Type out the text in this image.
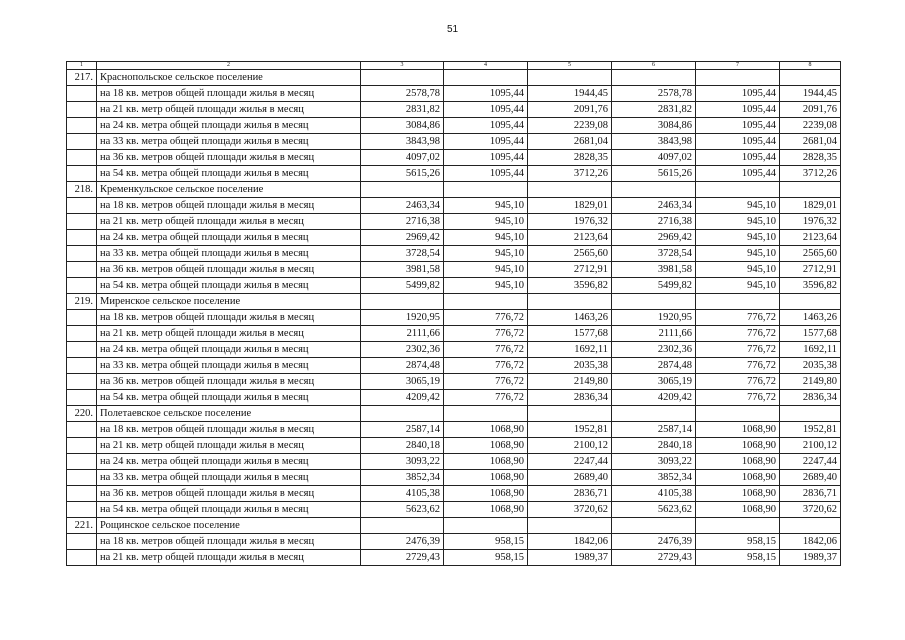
51
1	2	3	4	5	6	7	8
217.	Краснопольское сельское поселение						
	на 18 кв. метров общей площади жилья в месяц	2578,78	1095,44	1944,45	2578,78	1095,44	1944,45
	на 21 кв. метр общей площади жилья в месяц	2831,82	1095,44	2091,76	2831,82	1095,44	2091,76
	на 24 кв. метра общей площади жилья в месяц	3084,86	1095,44	2239,08	3084,86	1095,44	2239,08
	на 33 кв. метра общей площади жилья в месяц	3843,98	1095,44	2681,04	3843,98	1095,44	2681,04
	на 36 кв. метров общей площади жилья в месяц	4097,02	1095,44	2828,35	4097,02	1095,44	2828,35
	на 54 кв. метра общей площади жилья в месяц	5615,26	1095,44	3712,26	5615,26	1095,44	3712,26
218.	Кременкульское сельское поселение						
	на 18 кв. метров общей площади жилья в месяц	2463,34	945,10	1829,01	2463,34	945,10	1829,01
	на 21 кв. метр общей площади жилья в месяц	2716,38	945,10	1976,32	2716,38	945,10	1976,32
	на 24 кв. метра общей площади жилья в месяц	2969,42	945,10	2123,64	2969,42	945,10	2123,64
	на 33 кв. метра общей площади жилья в месяц	3728,54	945,10	2565,60	3728,54	945,10	2565,60
	на 36 кв. метров общей площади жилья в месяц	3981,58	945,10	2712,91	3981,58	945,10	2712,91
	на 54 кв. метра общей площади жилья в месяц	5499,82	945,10	3596,82	5499,82	945,10	3596,82
219.	Миренское сельское поселение						
	на 18 кв. метров общей площади жилья в месяц	1920,95	776,72	1463,26	1920,95	776,72	1463,26
	на 21 кв. метр общей площади жилья в месяц	2111,66	776,72	1577,68	2111,66	776,72	1577,68
	на 24 кв. метра общей площади жилья в месяц	2302,36	776,72	1692,11	2302,36	776,72	1692,11
	на 33 кв. метра общей площади жилья в месяц	2874,48	776,72	2035,38	2874,48	776,72	2035,38
	на 36 кв. метров общей площади жилья в месяц	3065,19	776,72	2149,80	3065,19	776,72	2149,80
	на 54 кв. метра общей площади жилья в месяц	4209,42	776,72	2836,34	4209,42	776,72	2836,34
220.	Полетаевское сельское поселение						
	на 18 кв. метров общей площади жилья в месяц	2587,14	1068,90	1952,81	2587,14	1068,90	1952,81
	на 21 кв. метр общей площади жилья в месяц	2840,18	1068,90	2100,12	2840,18	1068,90	2100,12
	на 24 кв. метра общей площади жилья в месяц	3093,22	1068,90	2247,44	3093,22	1068,90	2247,44
	на 33 кв. метра общей площади жилья в месяц	3852,34	1068,90	2689,40	3852,34	1068,90	2689,40
	на 36 кв. метров общей площади жилья в месяц	4105,38	1068,90	2836,71	4105,38	1068,90	2836,71
	на 54 кв. метра общей площади жилья в месяц	5623,62	1068,90	3720,62	5623,62	1068,90	3720,62
221.	Рощинское сельское поселение						
	на 18 кв. метров общей площади жилья в месяц	2476,39	958,15	1842,06	2476,39	958,15	1842,06
	на 21 кв. метр общей площади жилья в месяц	2729,43	958,15	1989,37	2729,43	958,15	1989,37
